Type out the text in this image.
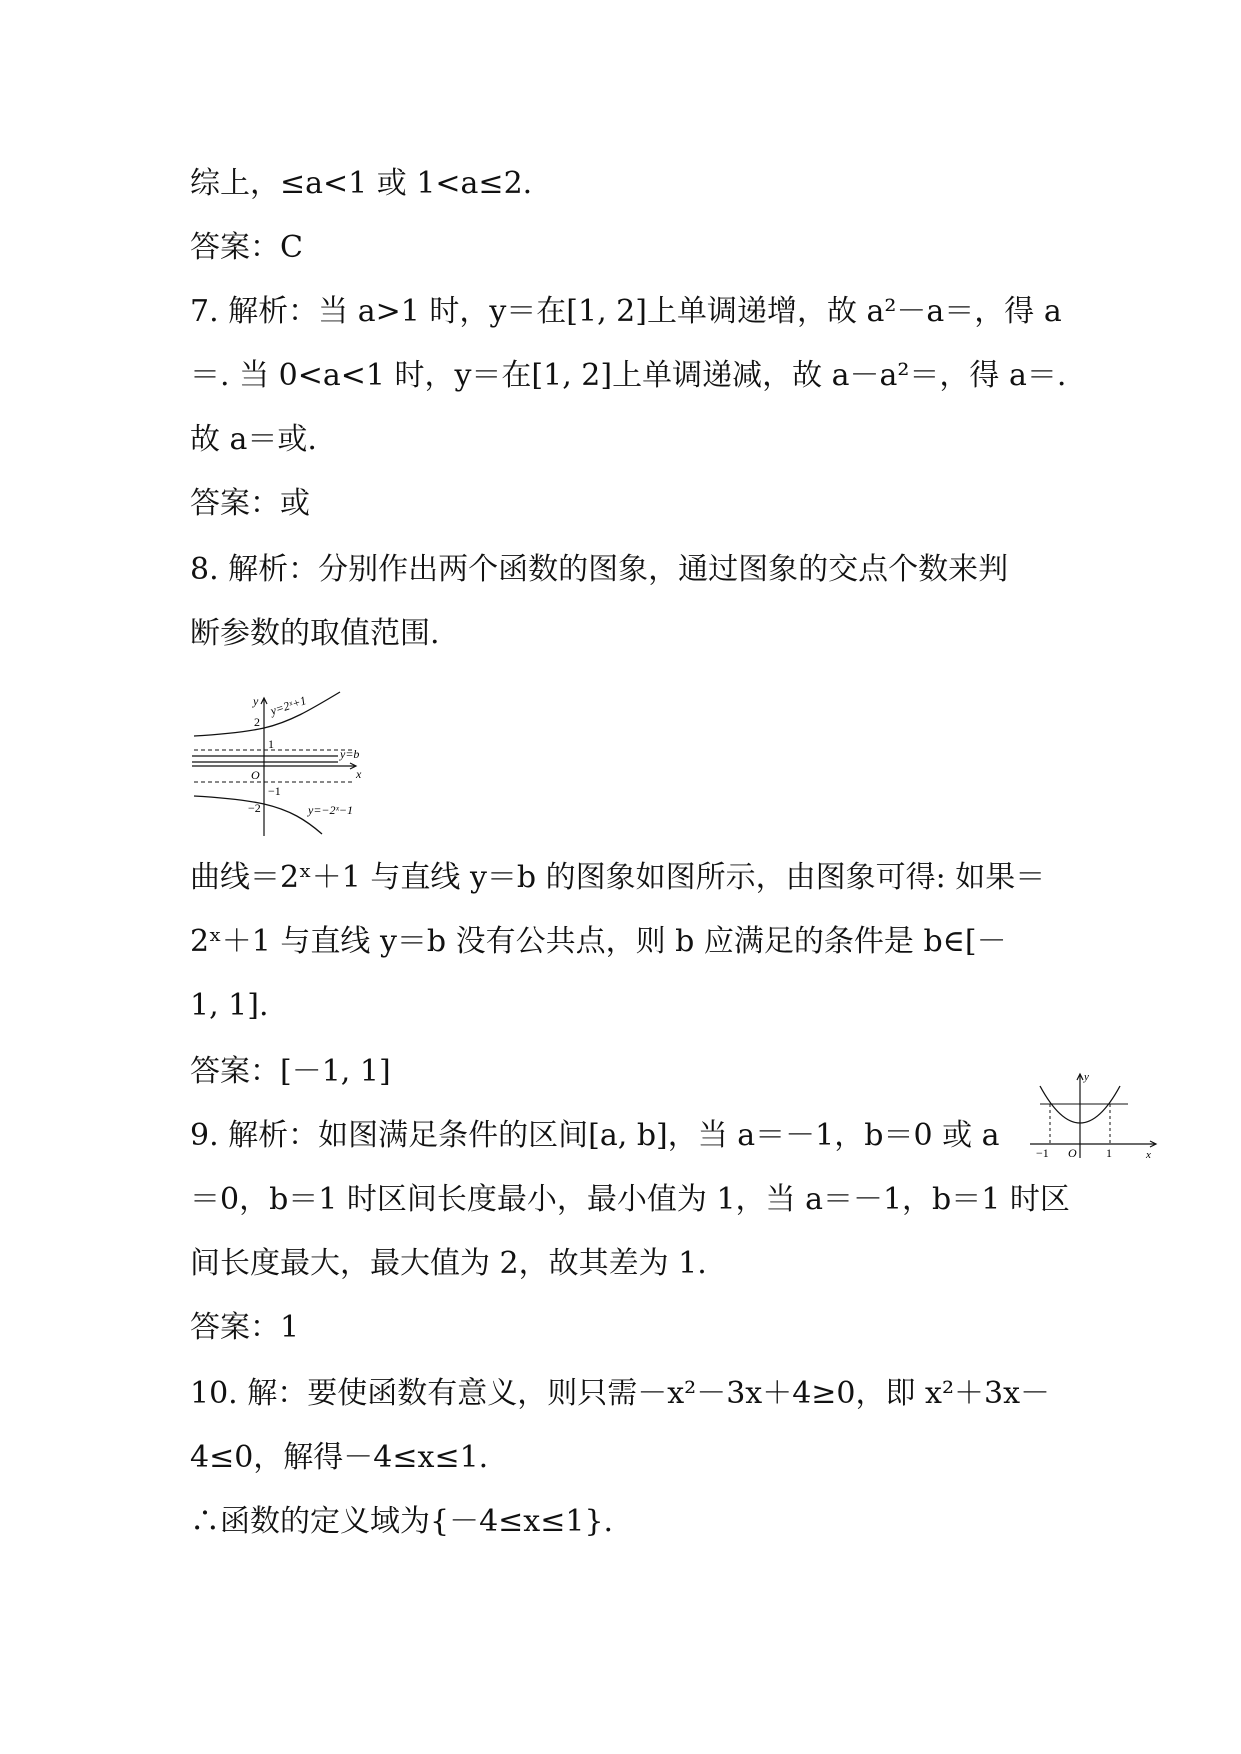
综上，≤a<1 或 1<a≤2.
答案：C
7. 解析：当 a>1 时，y＝在[1, 2]上单调递增，故 a²－a＝，得 a
＝. 当 0<a<1 时，y＝在[1, 2]上单调递减，故 a－a²＝，得 a＝.
故 a＝或.
答案：或
8. 解析：分别作出两个函数的图象，通过图象的交点个数来判
断参数的取值范围.
y
x
O
2
1
−1
−2
y=2ˣ+1
y=−2ˣ−1
y=b
曲线＝2ˣ＋1 与直线 y＝b 的图象如图所示，由图象可得: 如果＝
2ˣ＋1 与直线 y＝b 没有公共点，则 b 应满足的条件是 b∈[－
1, 1].
答案：[－1, 1]
9. 解析：如图满足条件的区间[a, b]，当 a＝－1，b＝0 或 a
y
x
O
−1	1
＝0，b＝1 时区间长度最小，最小值为 1，当 a＝－1，b＝1 时区
间长度最大，最大值为 2，故其差为 1.
答案：1
10. 解：要使函数有意义，则只需－x²－3x＋4≥0，即 x²＋3x－
4≤0，解得－4≤x≤1.
∴函数的定义域为{－4≤x≤1}.
